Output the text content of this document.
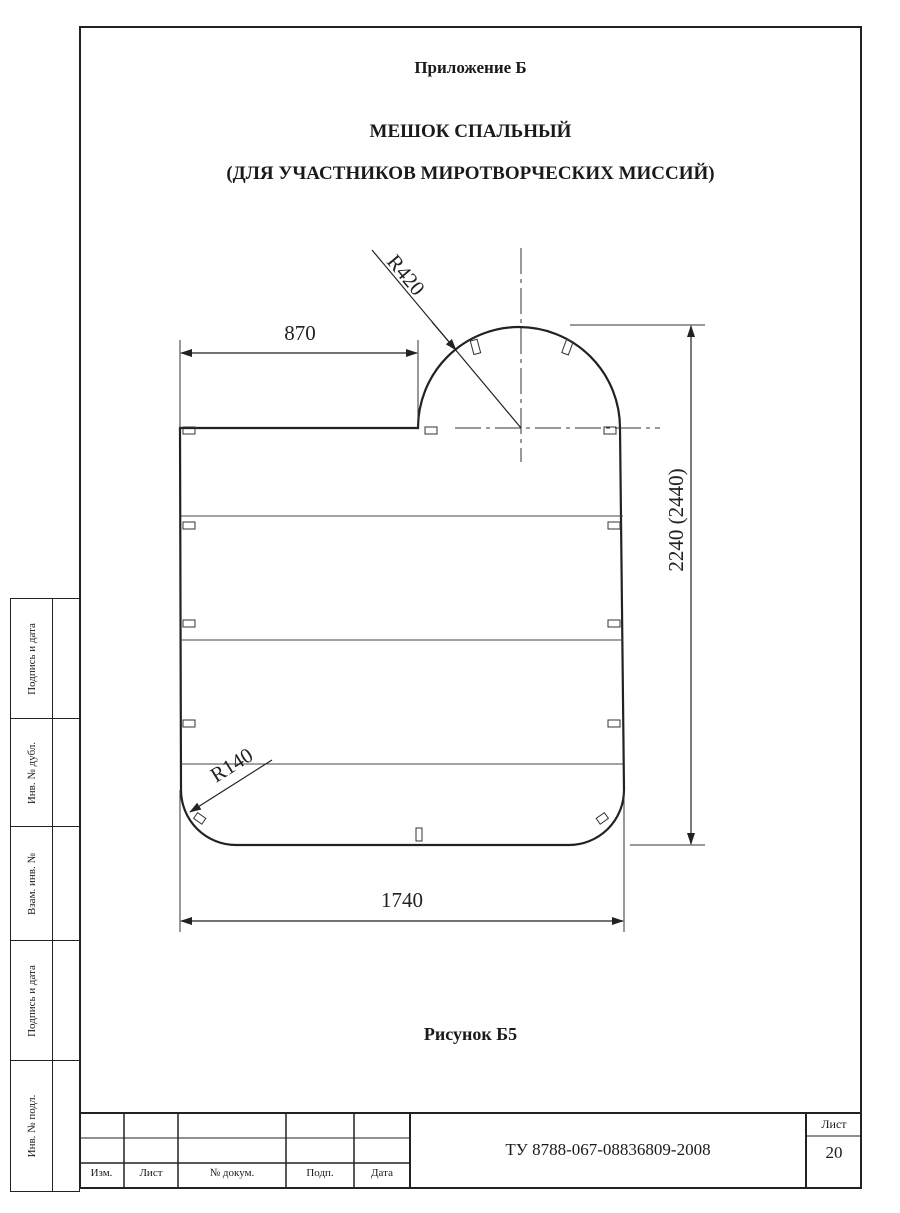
Приложение Б
МЕШОК СПАЛЬНЫЙ
(ДЛЯ УЧАСТНИКОВ МИРОТВОРЧЕСКИХ МИССИЙ)
870
R420
2240 (2440)
R140
1740
Рисунок Б5
Подпись и дата
Инв. № дубл.
Взам. инв. №
Подпись и дата
Инв. № подл.
Изм.	Лист	№ докум.	Подп.	Дата
ТУ 8788-067-08836809-2008
Лист
20
